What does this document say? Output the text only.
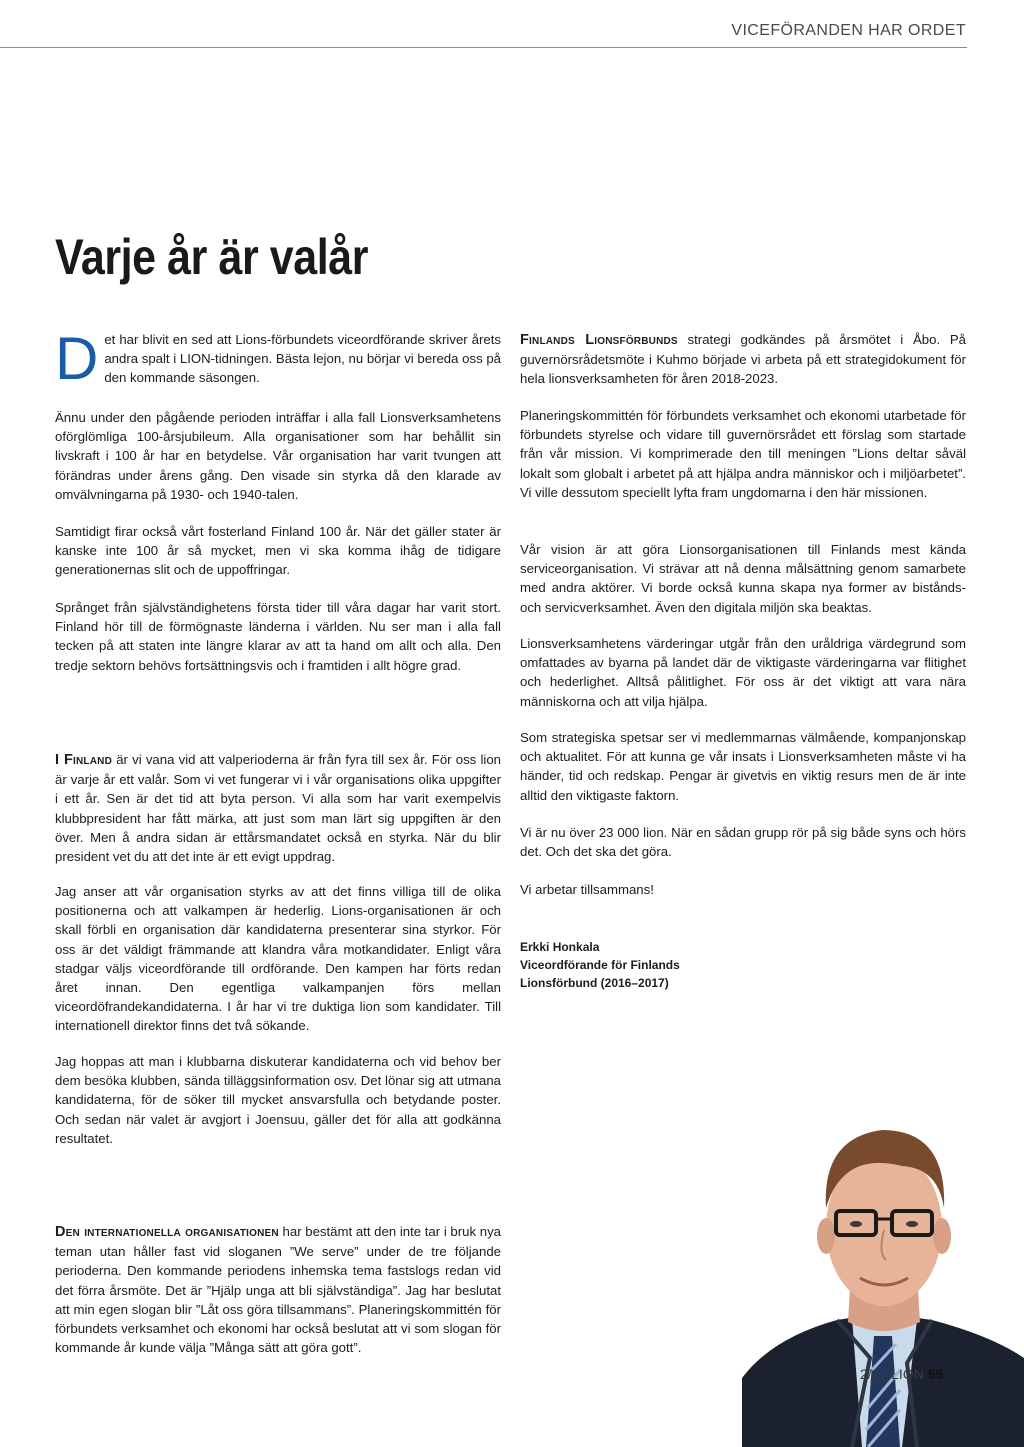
VICEFÖRANDEN HAR ORDET
Varje år är valår
D et har blivit en sed att Lions-förbundets viceordförande skriver årets andra spalt i LION-tidningen. Bästa lejon, nu börjar vi bereda oss på den kommande säsongen.

Ännu under den pågående perioden inträffar i alla fall Lionsverksamhetens oförglömliga 100-årsjubileum. Alla organisationer som har behållit sin livskraft i 100 år har en betydelse. Vår organisation har varit tvungen att förändras under årens gång. Den visade sin styrka då den klarade av omvälvningarna på 1930- och 1940-talen.

Samtidigt firar också vårt fosterland Finland 100 år. När det gäller stater är kanske inte 100 år så mycket, men vi ska komma ihåg de tidigare generationernas slit och de uppoffringar.

Språnget från självständighetens första tider till våra dagar har varit stort. Finland hör till de förmögnaste länderna i världen. Nu ser man i alla fall tecken på att staten inte längre klarar av att ta hand om allt och alla. Den tredje sektorn behövs fortsättningsvis och i framtiden i allt högre grad.

I Finland är vi vana vid att valperioderna är från fyra till sex år. För oss lion är varje år ett valår. Som vi vet fungerar vi i vår organisations olika uppgifter i ett år. Sen är det tid att byta person. Vi alla som har varit exempelvis klubbpresident har fått märka, att just som man lärt sig uppgiften är den över. Men å andra sidan är ettårsmandatet också en styrka. När du blir president vet du att det inte är ett evigt uppdrag.

Jag anser att vår organisation styrks av att det finns villiga till de olika positionerna och att valkampen är hederlig. Lions-organisationen är och skall förbli en organisation där kandidaterna presenterar sina styrkor. För oss är det väldigt främmande att klandra våra motkandidater. Enligt våra stadgar väljs viceordförande till ordförande. Den kampen har förts redan året innan. Den egentliga valkampanjen förs mellan viceordöfrandekandidaterna. I år har vi tre duktiga lion som kandidater. Till internationell direktor finns det två sökande.

Jag hoppas att man i klubbarna diskuterar kandidaterna och vid behov ber dem besöka klubben, sända tilläggsinformation osv. Det lönar sig att utmana kandidaterna, för de söker till mycket ansvarsfulla och betydande poster. Och sedan när valet är avgjort i Joensuu, gäller det för alla att godkänna resultatet.

Den internationella organisationen har bestämt att den inte tar i bruk nya teman utan håller fast vid sloganen ”We serve” under de tre följande perioderna. Den kommande periodens inhemska tema fastslogs redan vid det förra årsmöte. Det är ”Hjälp unga att bli självständiga”. Jag har beslutat att min egen slogan blir ”Låt oss göra tillsammans”. Planeringskommittén för förbundets verksamhet och ekonomi har också beslutat att vi som slogan för kommande år kunde välja ”Många sätt att göra gott”.

Finlands Lionsförbunds strategi godkändes på årsmötet i Åbo. På guvernörsrådetsmöte i Kuhmo började vi arbeta på ett strategidokument för hela lionsverksamheten för åren 2018-2023.

Planeringskommittén för förbundets verksamhet och ekonomi utarbetade för förbundets styrelse och vidare till guvernörsrådet ett förslag som startade från vår mission. Vi komprimerade den till meningen ”Lions deltar såväl lokalt som globalt i arbetet på att hjälpa andra människor och i miljöarbetet”. Vi ville dessutom speciellt lyfta fram ungdomarna i den här missionen.

Vår vision är att göra Lionsorganisationen till Finlands mest kända serviceorganisation. Vi strävar att nå denna målsättning genom samarbete med andra aktörer. Vi borde också kunna skapa nya former av bistånds- och servicverksamhet. Även den digitala miljön ska beaktas.

Lionsverksamhetens värderingar utgår från den uråldriga värdegrund som omfattades av byarna på landet där de viktigaste värderingarna var flitighet och hederlighet. Alltså pålitlighet. För oss är det viktigt att vara nära människorna och att vilja hjälpa.

Som strategiska spetsar ser vi medlemmarnas välmående, kompanjonskap och aktualitet. För att kunna ge vår insats i Lionsverksamheten måste vi ha händer, tid och redskap. Pengar är givetvis en viktig resurs men de är inte alltid den viktigaste faktorn.

Vi är nu över 23 000 lion. När en sådan grupp rör på sig både syns och hörs det. Och det ska det göra.

Vi arbetar tillsammans!

Erkki Honkala
Viceordförande för Finlands
Lionsförbund (2016–2017)
2/17 LION 55
